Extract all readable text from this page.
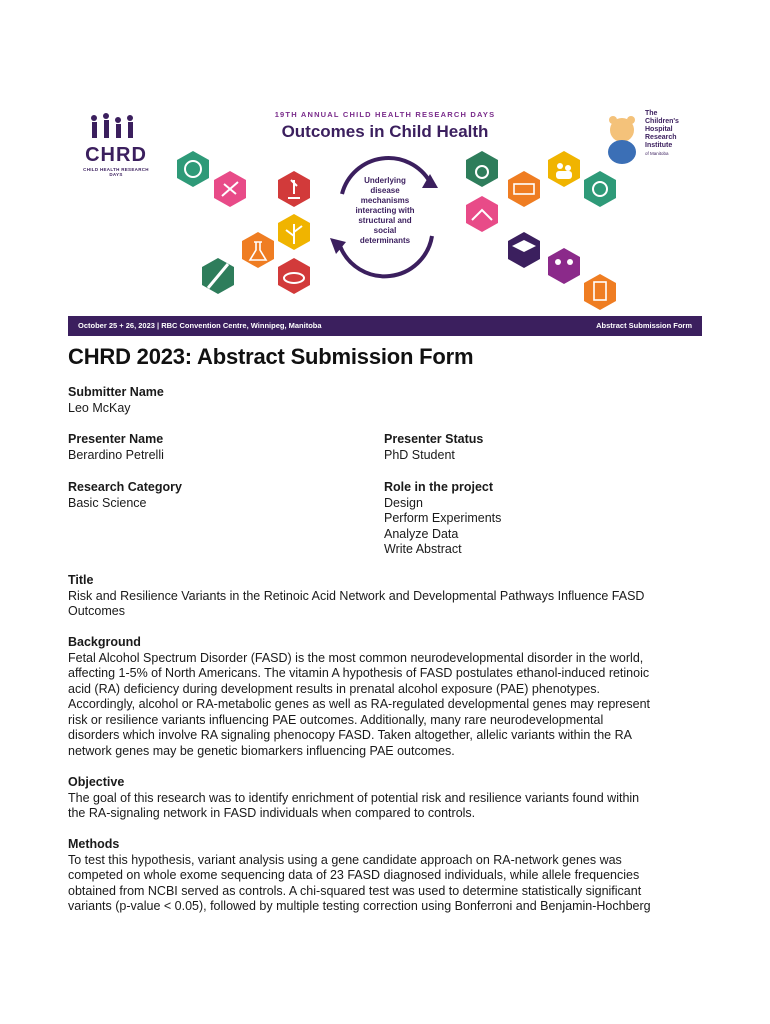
19TH ANNUAL CHILD HEALTH RESEARCH DAYS
Outcomes in Child Health
CHRD
CHILD HEALTH RESEARCH DAYS
The
Children's
Hospital
Research
Institute
of Manitoba
Underlying
disease
mechanisms
interacting with
structural and
social
determinants
October 25 + 26, 2023 | RBC Convention Centre, Winnipeg, Manitoba	Abstract Submission Form
CHRD 2023: Abstract Submission Form
Submitter Name
Leo McKay
Presenter Name
Berardino Petrelli
Presenter Status
PhD Student
Research Category
Basic Science
Role in the project
Design
Perform Experiments
Analyze Data
Write Abstract
Title
Risk and Resilience Variants in the Retinoic Acid Network and Developmental Pathways Influence FASD
Outcomes
Background
Fetal Alcohol Spectrum Disorder (FASD) is the most common neurodevelopmental disorder in the world,
affecting 1-5% of North Americans. The vitamin A hypothesis of FASD postulates ethanol-induced retinoic
acid (RA) deficiency during development results in prenatal alcohol exposure (PAE) phenotypes.
Accordingly, alcohol or RA-metabolic genes as well as RA-regulated developmental genes may represent
risk or resilience variants influencing PAE outcomes. Additionally, many rare neurodevelopmental
disorders which involve RA signaling phenocopy FASD. Taken altogether, allelic variants within the RA
network genes may be genetic biomarkers influencing PAE outcomes.
Objective
The goal of this research was to identify enrichment of potential risk and resilience variants found within
the RA-signaling network in FASD individuals when compared to controls.
Methods
To test this hypothesis, variant analysis using a gene candidate approach on RA-network genes was
competed on whole exome sequencing data of 23 FASD diagnosed individuals, while allele frequencies
obtained from NCBI served as controls. A chi-squared test was used to determine statistically significant
variants (p-value < 0.05), followed by multiple testing correction using Bonferroni and Benjamin-Hochberg
